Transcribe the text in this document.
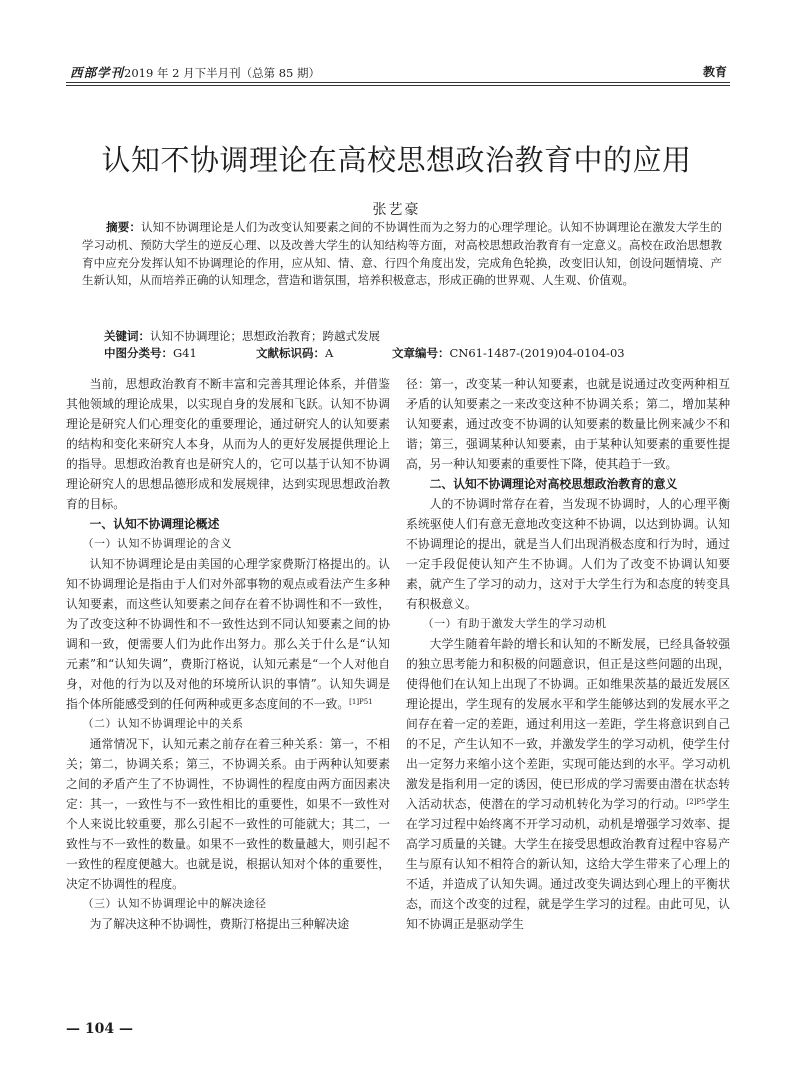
西部学刊2019 年 2 月下半月刊（总第 85 期）	教育
认知不协调理论在高校思想政治教育中的应用
张艺豪
摘要：认知不协调理论是人们为改变认知要素之间的不协调性而为之努力的心理学理论。认知不协调理论在激发大学生的学习动机、预防大学生的逆反心理、以及改善大学生的认知结构等方面，对高校思想政治教育有一定意义。高校在政治思想教育中应充分发挥认知不协调理论的作用，应从知、情、意、行四个角度出发，完成角色轮换，改变旧认知，创设问题情境、产生新认知，从而培养正确的认知理念，营造和谐氛围，培养积极意志，形成正确的世界观、人生观、价值观。
关键词：认知不协调理论；思想政治教育；跨越式发展
中图分类号：G41	文献标识码：A	文章编号：CN61-1487-(2019)04-0104-03

当前，思想政治教育不断丰富和完善其理论体系，并借鉴其他领域的理论成果，以实现自身的发展和飞跃。认知不协调理论是研究人们心理变化的重要理论，通过研究人的认知要素的结构和变化来研究人本身，从而为人的更好发展提供理论上的指导。思想政治教育也是研究人的，它可以基于认知不协调理论研究人的思想品德形成和发展规律，达到实现思想政治教育的目标。

一、认知不协调理论概述
（一）认知不协调理论的含义

认知不协调理论是由美国的心理学家费斯汀格提出的。认知不协调理论是指由于人们对外部事物的观点或看法产生多种认知要素，而这些认知要素之间存在着不协调性和不一致性，为了改变这种不协调性和不一致性达到不同认知要素之间的协调和一致，便需要人们为此作出努力。那么关于什么是“认知元素”和“认知失调”，费斯汀格说，认知元素是“一个人对他自身，对他的行为以及对他的环境所认识的事情”。认知失调是指个体所能感受到的任何两种或更多态度间的不一致。$^{[1]P51}$

（二）认知不协调理论中的关系

通常情况下，认知元素之前存在着三种关系：第一，不相关；第二，协调关系；第三，不协调关系。由于两种认知要素之间的矛盾产生了不协调性，不协调性的程度由两方面因素决定：其一，一致性与不一致性相比的重要性，如果不一致性对个人来说比较重要，那么引起不一致性的可能就大；其二，一致性与不一致性的数量。如果不一致性的数量越大，则引起不一致性的程度便越大。也就是说，根据认知对个体的重要性，决定不协调性的程度。

（三）认知不协调理论中的解决途径

为了解决这种不协调性，费斯汀格提出三种解决途

径：第一，改变某一种认知要素，也就是说通过改变两种相互矛盾的认知要素之一来改变这种不协调关系；第二，增加某种认知要素，通过改变不协调的认知要素的数量比例来减少不和谐；第三，强调某种认知要素，由于某种认知要素的重要性提高，另一种认知要素的重要性下降，使其趋于一致。

二、认知不协调理论对高校思想政治教育的意义

人的不协调时常存在着，当发现不协调时，人的心理平衡系统驱使人们有意无意地改变这种不协调，以达到协调。认知不协调理论的提出，就是当人们出现消极态度和行为时，通过一定手段促使认知产生不协调。人们为了改变不协调认知要素，就产生了学习的动力，这对于大学生行为和态度的转变具有积极意义。

（一）有助于激发大学生的学习动机

大学生随着年龄的增长和认知的不断发展，已经具备较强的独立思考能力和积极的问题意识，但正是这些问题的出现，使得他们在认知上出现了不协调。正如维果茨基的最近发展区理论提出，学生现有的发展水平和学生能够达到的发展水平之间存在着一定的差距，通过利用这一差距，学生将意识到自己的不足，产生认知不一致，并激发学生的学习动机，使学生付出一定努力来缩小这个差距，实现可能达到的水平。学习动机激发是指利用一定的诱因，使已形成的学习需要由潜在状态转入活动状态，使潜在的学习动机转化为学习的行动。$^{[2]P5}$学生在学习过程中始终离不开学习动机，动机是增强学习效率、提高学习质量的关键。大学生在接受思想政治教育过程中容易产生与原有认知不相符合的新认知，这给大学生带来了心理上的不适，并造成了认知失调。通过改变失调达到心理上的平衡状态，而这个改变的过程，就是学生学习的过程。由此可见，认知不协调正是驱动学生

— 104 —
